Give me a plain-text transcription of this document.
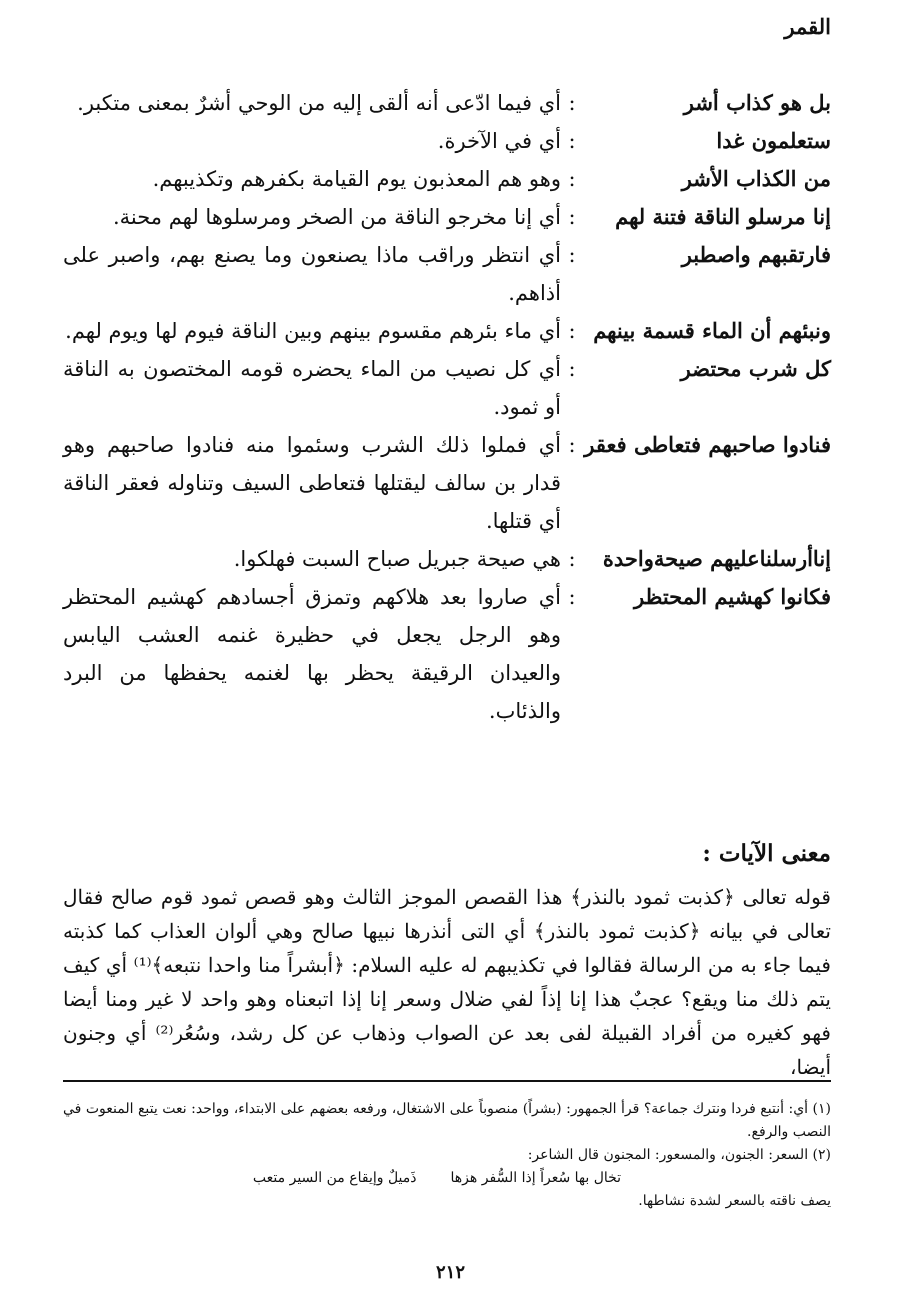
القمر
بل هو كذاب أشر
:
أي فيما ادّعى أنه ألقى إليه من الوحي أشرٌ بمعنى متكبر.
ستعلمون غدا
:
أي في الآخرة.
من الكذاب الأشر
:
وهو هم المعذبون يوم القيامة بكفرهم وتكذيبهم.
إنا مرسلو الناقة فتنة لهم
:
أي إنا مخرجو الناقة من الصخر ومرسلوها لهم محنة.
فارتقبهم واصطبر
:
أي انتظر وراقب ماذا يصنعون وما يصنع بهم، واصبر على أذاهم.
ونبئهم أن الماء قسمة بينهم
:
أي ماء بئرهم مقسوم بينهم وبين الناقة فيوم لها ويوم لهم.
كل شرب محتضر
:
أي كل نصيب من الماء يحضره قومه المختصون به الناقة أو ثمود.
فنادوا صاحبهم فتعاطى فعقر
:
أي فملوا ذلك الشرب وسئموا منه فنادوا صاحبهم وهو قدار بن سالف ليقتلها فتعاطى السيف وتناوله فعقر الناقة أي قتلها.
إناأرسلناعليهم صيحةواحدة
:
هي صيحة جبريل صباح السبت فهلكوا.
فكانوا كهشيم المحتظر
:
أي صاروا بعد هلاكهم وتمزق أجسادهم كهشيم المحتظر وهو الرجل يجعل في حظيرة غنمه العشب اليابس والعيدان الرقيقة يحظر بها لغنمه يحفظها من البرد والذئاب.
معنى الآيات :

قوله تعالى ﴿كذبت ثمود بالنذر﴾ هذا القصص الموجز الثالث وهو قصص ثمود قوم صالح فقال تعالى في بيانه ﴿كذبت ثمود بالنذر﴾ أي التى أنذرها نبيها صالح وهي ألوان العذاب كما كذبته فيما جاء به من الرسالة فقالوا في تكذيبهم له عليه السلام: ﴿أبشراً منا واحدا نتبعه﴾⁽¹⁾ أي كيف يتم ذلك منا ويقع؟ عجبٌ هذا إنا إذاً لفي ضلال وسعر إنا إذا اتبعناه وهو واحد لا غير ومنا أيضا فهو كغيره من أفراد القبيلة لفى بعد عن الصواب وذهاب عن كل رشد، وسُعُر⁽²⁾ أي وجنون أيضا،

(١) أي: أنتبع فردا ونترك جماعة؟ قرأ الجمهور: (بشراً) منصوباً على الاشتغال، ورفعه بعضهم على الابتداء، وواحد: نعت يتبع المنعوت في النصب والرفع.

(٢) السعر: الجنون، والمسعور: المجنون قال الشاعر:

تخال بها سُعراً إذا السُّفر هزها
ذَميلٌ وإيقاع من السير متعب

يصف ناقته بالسعر لشدة نشاطها.

٢١٢
